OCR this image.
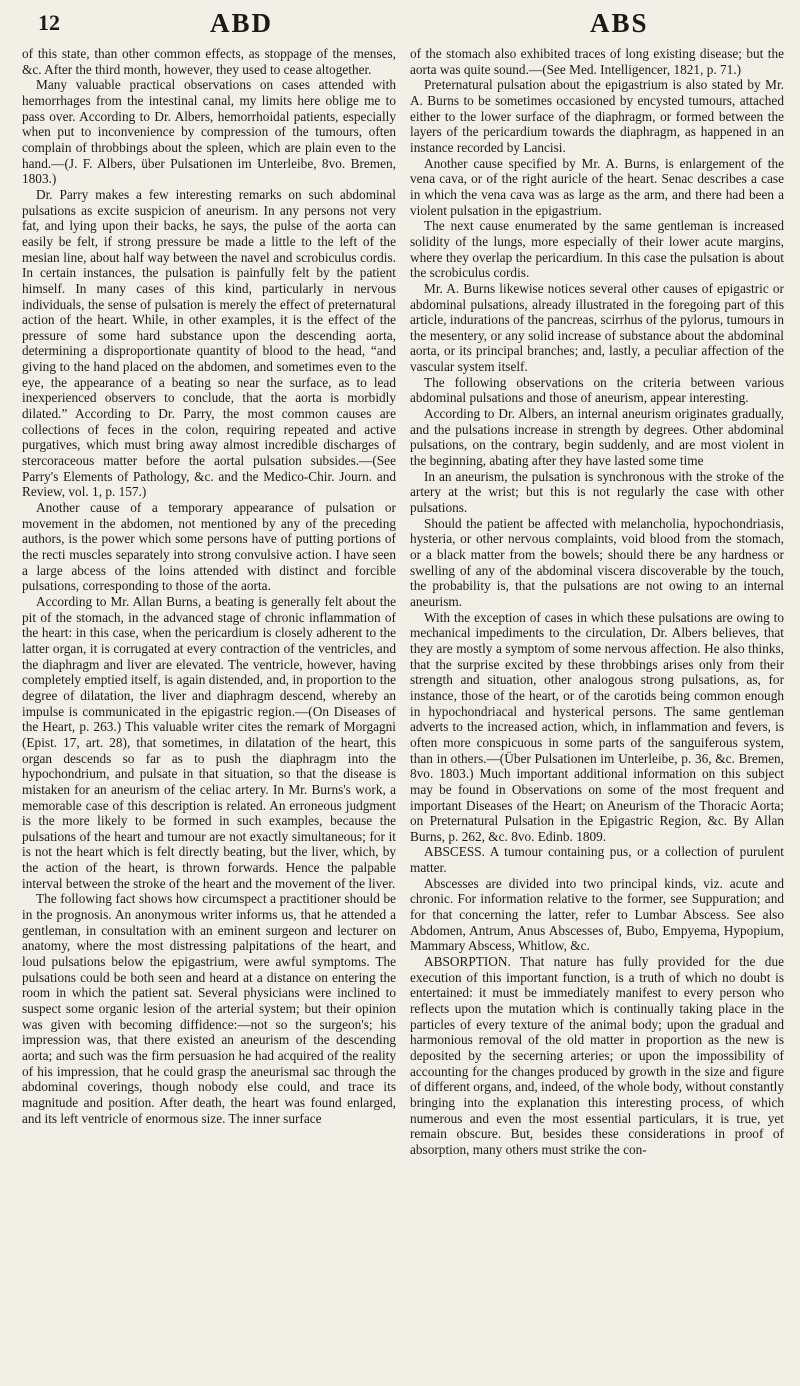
12	ABD	ABS

of this state, than other common effects, as stoppage of the menses, &c. After the third month, however, they used to cease altogether.

Many valuable practical observations on cases attended with hemorrhages from the intestinal canal, my limits here oblige me to pass over. According to Dr. Albers, hemorrhoidal patients, especially when put to inconvenience by compression of the tumours, often complain of throbbings about the spleen, which are plain even to the hand.—(J. F. Albers, über Pulsationen im Unterleibe, 8vo. Bremen, 1803.)

Dr. Parry makes a few interesting remarks on such abdominal pulsations as excite suspicion of aneurism. In any persons not very fat, and lying upon their backs, he says, the pulse of the aorta can easily be felt, if strong pressure be made a little to the left of the mesian line, about half way between the navel and scrobiculus cordis. In certain instances, the pulsation is painfully felt by the patient himself. In many cases of this kind, particularly in nervous individuals, the sense of pulsation is merely the effect of preternatural action of the heart. While, in other examples, it is the effect of the pressure of some hard substance upon the descending aorta, determining a disproportionate quantity of blood to the head, “and giving to the hand placed on the abdomen, and sometimes even to the eye, the appearance of a beating so near the surface, as to lead inexperienced observers to conclude, that the aorta is morbidly dilated.” According to Dr. Parry, the most common causes are collections of feces in the colon, requiring repeated and active purgatives, which must bring away almost incredible discharges of stercoraceous matter before the aortal pulsation subsides.—(See Parry's Elements of Pathology, &c. and the Medico-Chir. Journ. and Review, vol. 1, p. 157.)

Another cause of a temporary appearance of pulsation or movement in the abdomen, not mentioned by any of the preceding authors, is the power which some persons have of putting portions of the recti muscles separately into strong convulsive action. I have seen a large abcess of the loins attended with distinct and forcible pulsations, corresponding to those of the aorta.

According to Mr. Allan Burns, a beating is generally felt about the pit of the stomach, in the advanced stage of chronic inflammation of the heart: in this case, when the pericardium is closely adherent to the latter organ, it is corrugated at every contraction of the ventricles, and the diaphragm and liver are elevated. The ventricle, however, having completely emptied itself, is again distended, and, in proportion to the degree of dilatation, the liver and diaphragm descend, whereby an impulse is communicated in the epigastric region.—(On Diseases of the Heart, p. 263.) This valuable writer cites the remark of Morgagni (Epist. 17, art. 28), that sometimes, in dilatation of the heart, this organ descends so far as to push the diaphragm into the hypochondrium, and pulsate in that situation, so that the disease is mistaken for an aneurism of the celiac artery. In Mr. Burns's work, a memorable case of this description is related. An erroneous judgment is the more likely to be formed in such examples, because the pulsations of the heart and tumour are not exactly simultaneous; for it is not the heart which is felt directly beating, but the liver, which, by the action of the heart, is thrown forwards. Hence the palpable interval between the stroke of the heart and the movement of the liver.

The following fact shows how circumspect a practitioner should be in the prognosis. An anonymous writer informs us, that he attended a gentleman, in consultation with an eminent surgeon and lecturer on anatomy, where the most distressing palpitations of the heart, and loud pulsations below the epigastrium, were awful symptoms. The pulsations could be both seen and heard at a distance on entering the room in which the patient sat. Several physicians were inclined to suspect some organic lesion of the arterial system; but their opinion was given with becoming diffidence:—not so the surgeon's; his impression was, that there existed an aneurism of the descending aorta; and such was the firm persuasion he had acquired of the reality of his impression, that he could grasp the aneurismal sac through the abdominal coverings, though nobody else could, and trace its magnitude and position. After death, the heart was found enlarged, and its left ventricle of enormous size. The inner surface

of the stomach also exhibited traces of long existing disease; but the aorta was quite sound.—(See Med. Intelligencer, 1821, p. 71.)

Preternatural pulsation about the epigastrium is also stated by Mr. A. Burns to be sometimes occasioned by encysted tumours, attached either to the lower surface of the diaphragm, or formed between the layers of the pericardium towards the diaphragm, as happened in an instance recorded by Lancisi.

Another cause specified by Mr. A. Burns, is enlargement of the vena cava, or of the right auricle of the heart. Senac describes a case in which the vena cava was as large as the arm, and there had been a violent pulsation in the epigastrium.

The next cause enumerated by the same gentleman is increased solidity of the lungs, more especially of their lower acute margins, where they overlap the pericardium. In this case the pulsation is about the scrobiculus cordis.

Mr. A. Burns likewise notices several other causes of epigastric or abdominal pulsations, already illustrated in the foregoing part of this article, indurations of the pancreas, scirrhus of the pylorus, tumours in the mesentery, or any solid increase of substance about the abdominal aorta, or its principal branches; and, lastly, a peculiar affection of the vascular system itself.

The following observations on the criteria between various abdominal pulsations and those of aneurism, appear interesting.

According to Dr. Albers, an internal aneurism originates gradually, and the pulsations increase in strength by degrees. Other abdominal pulsations, on the contrary, begin suddenly, and are most violent in the beginning, abating after they have lasted some time

In an aneurism, the pulsation is synchronous with the stroke of the artery at the wrist; but this is not regularly the case with other pulsations.

Should the patient be affected with melancholia, hypochondriasis, hysteria, or other nervous complaints, void blood from the stomach, or a black matter from the bowels; should there be any hardness or swelling of any of the abdominal viscera discoverable by the touch, the probability is, that the pulsations are not owing to an internal aneurism.

With the exception of cases in which these pulsations are owing to mechanical impediments to the circulation, Dr. Albers believes, that they are mostly a symptom of some nervous affection. He also thinks, that the surprise excited by these throbbings arises only from their strength and situation, other analogous strong pulsations, as, for instance, those of the heart, or of the carotids being common enough in hypochondriacal and hysterical persons. The same gentleman adverts to the increased action, which, in inflammation and fevers, is often more conspicuous in some parts of the sanguiferous system, than in others.—(Über Pulsationen im Unterleibe, p. 36, &c. Bremen, 8vo. 1803.) Much important additional information on this subject may be found in Observations on some of the most frequent and important Diseases of the Heart; on Aneurism of the Thoracic Aorta; on Preternatural Pulsation in the Epigastric Region, &c. By Allan Burns, p. 262, &c. 8vo. Edinb. 1809.

ABSCESS. A tumour containing pus, or a collection of purulent matter.

Abscesses are divided into two principal kinds, viz. acute and chronic. For information relative to the former, see Suppuration; and for that concerning the latter, refer to Lumbar Abscess. See also Abdomen, Antrum, Anus Abscesses of, Bubo, Empyema, Hypopium, Mammary Abscess, Whitlow, &c.

ABSORPTION. That nature has fully provided for the due execution of this important function, is a truth of which no doubt is entertained: it must be immediately manifest to every person who reflects upon the mutation which is continually taking place in the particles of every texture of the animal body; upon the gradual and harmonious removal of the old matter in proportion as the new is deposited by the secerning arteries; or upon the impossibility of accounting for the changes produced by growth in the size and figure of different organs, and, indeed, of the whole body, without constantly bringing into the explanation this interesting process, of which numerous and even the most essential particulars, it is true, yet remain obscure. But, besides these considerations in proof of absorption, many others must strike the con-
